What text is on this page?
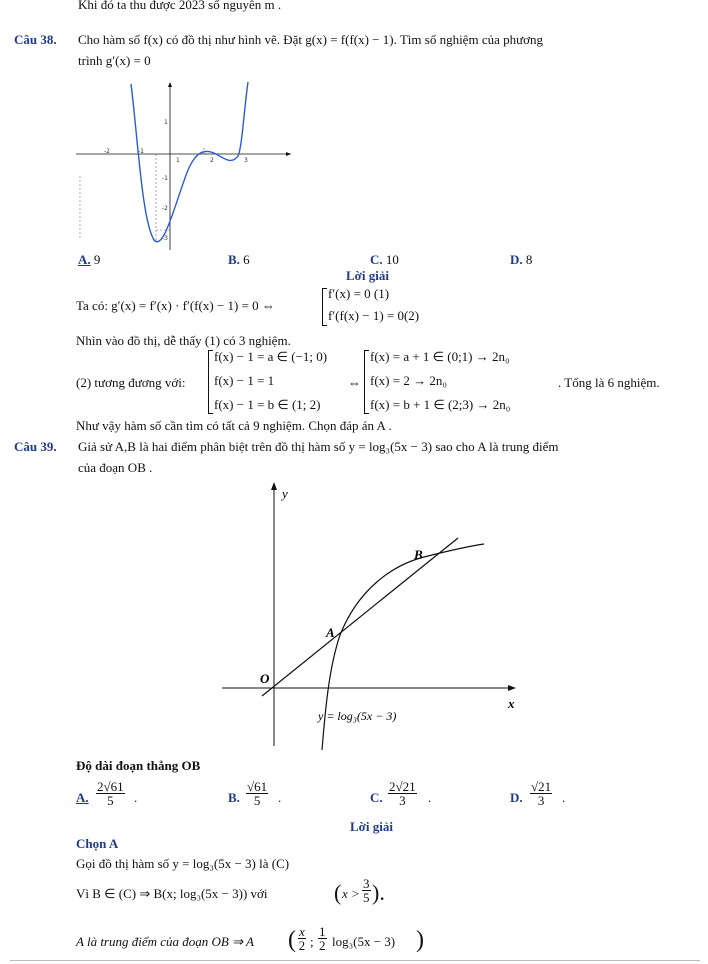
Khi đó ta thu được 2023 số nguyên m .
Câu 38. Cho hàm số f(x) có đồ thị như hình vẽ. Đặt g(x) = f(f(x) − 1). Tìm số nghiệm của phương
trình g′(x) = 0
-2	-1
1	2	3
1
-1
-2
-3
A. 9	B. 6	C. 10	D. 8
Lời giải
Ta có: g′(x) = f′(x) · f′(f(x) − 1) = 0 ⇔
f′(x) = 0 (1)
f′(f(x) − 1) = 0(2)
Nhìn vào đồ thị, dễ thấy (1) có 3 nghiệm.
(2) tương đương với:
f(x) − 1 = a ∈ (−1; 0)
f(x) − 1 = 1
f(x) − 1 = b ∈ (1; 2)
⇔
f(x) = a + 1 ∈ (0;1) → 2n₀
f(x) = 2 → 2n₀
f(x) = b + 1 ∈ (2;3) → 2n₀
. Tổng là 6 nghiệm.
Như vậy hàm số cần tìm có tất cả 9 nghiệm. Chọn đáp án A .
Câu 39. Giả sử A,B là hai điểm phân biệt trên đồ thị hàm số y = log₃(5x − 3) sao cho A là trung điểm
của đoạn OB .
y
x
O
B
A
y = log₃(5x − 3)
Độ dài đoạn thẳng OB
A. $\frac{2√61}{5}$ .	B. $\frac{√61}{5}$ .	C. $\frac{2√21}{3}$ .	D. $\frac{√21}{3}$ .
Lời giải
Chọn A
Gọi đồ thị hàm số y = log₃(5x − 3) là (C)
Vì B ∈ (C) ⇒ B(x; log₃(5x − 3)) với	( $x > \frac{3}{5}$ ).
A là trung điểm của đoạn OB ⇒ A ( $\frac{x}{2}$ ; $\frac{1}{2} \log_3(5x - 3)$ )
